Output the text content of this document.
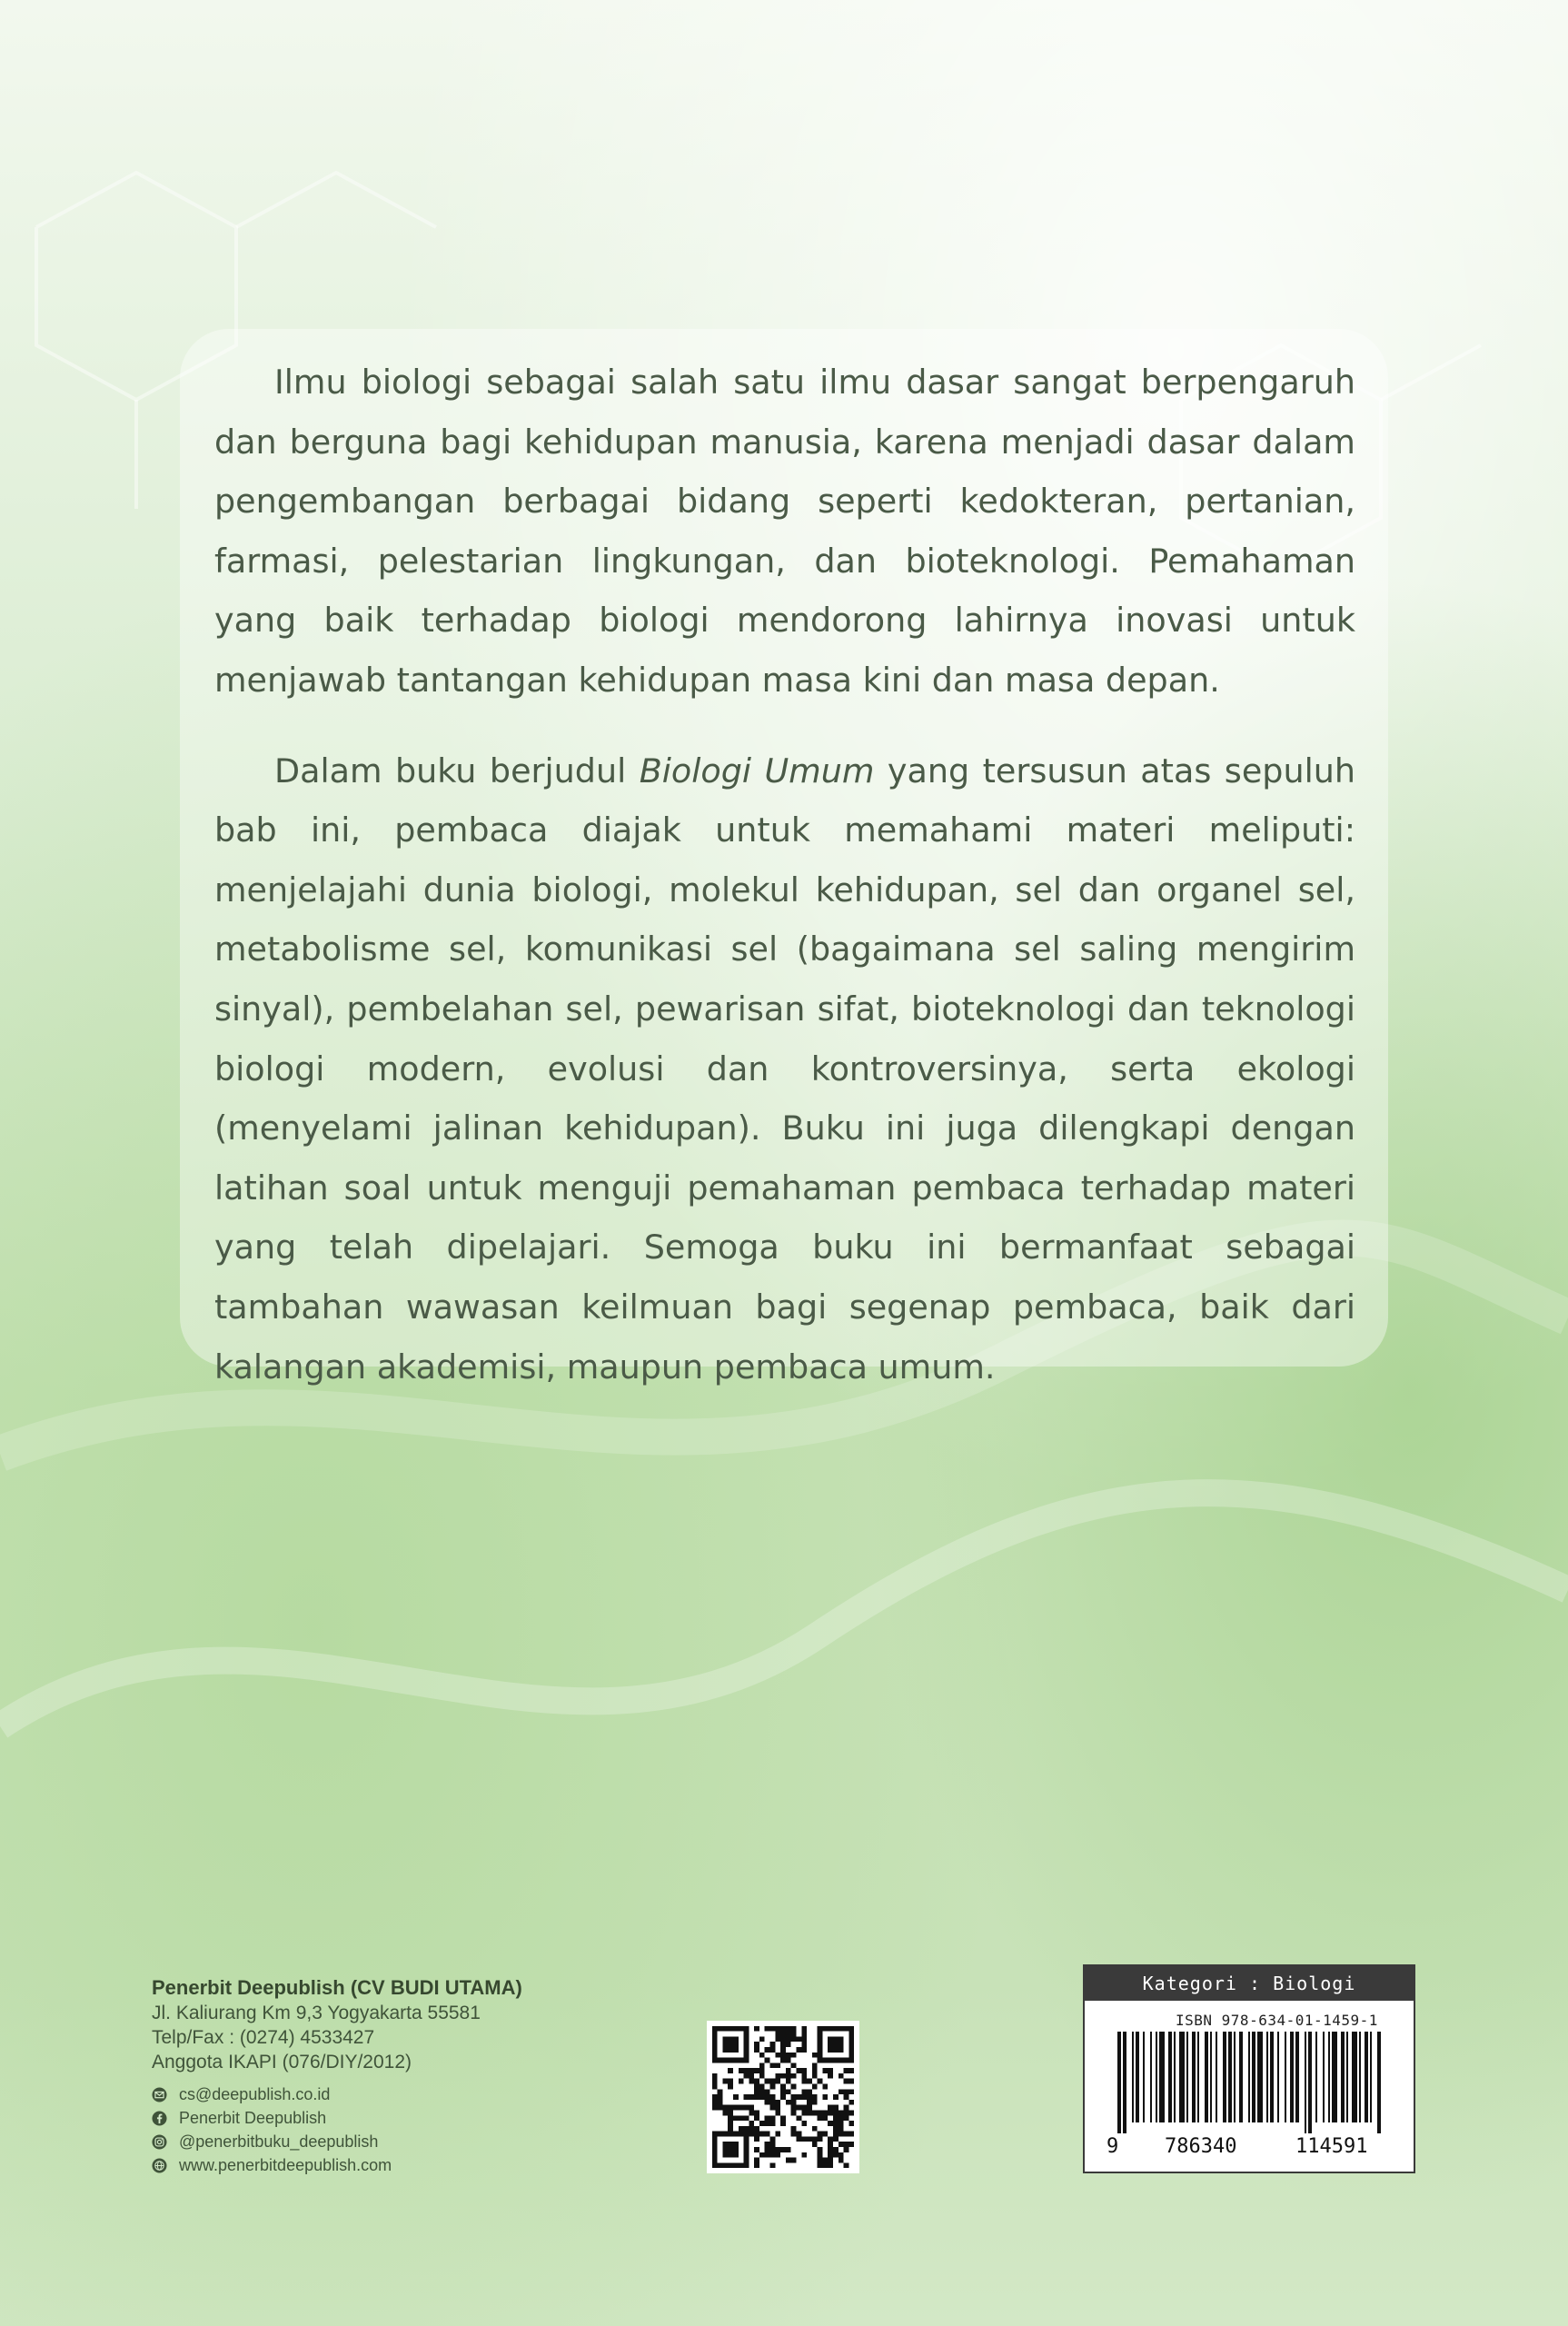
Ilmu biologi sebagai salah satu ilmu dasar sangat berpengaruh dan berguna bagi kehidupan manusia, karena menjadi dasar dalam pengembangan berbagai bidang seperti kedokteran, pertanian, farmasi, pelestarian lingkungan, dan bioteknologi. Pemahaman yang baik terhadap biologi mendorong lahirnya inovasi untuk menjawab tantangan kehidupan masa kini dan masa depan.

Dalam buku berjudul Biologi Umum yang tersusun atas sepuluh bab ini, pembaca diajak untuk memahami materi meliputi: menjelajahi dunia biologi, molekul kehidupan, sel dan organel sel, metabolisme sel, komunikasi sel (bagaimana sel saling mengirim sinyal), pembelahan sel, pewarisan sifat, bioteknologi dan teknologi biologi modern, evolusi dan kontroversinya, serta ekologi (menyelami jalinan kehidupan). Buku ini juga dilengkapi dengan latihan soal untuk menguji pemahaman pembaca terhadap materi yang telah dipelajari. Semoga buku ini bermanfaat sebagai tambahan wawasan keilmuan bagi segenap pembaca, baik dari kalangan akademisi, maupun pembaca umum.

Penerbit Deepublish (CV BUDI UTAMA)
Jl. Kaliurang Km 9,3 Yogyakarta 55581
Telp/Fax : (0274) 4533427
Anggota IKAPI (076/DIY/2012)
cs@deepublish.co.id
Penerbit Deepublish
@penerbitbuku_deepublish
www.penerbitdeepublish.com
Kategori : Biologi
ISBN 978-634-01-1459-1
9 786340	114591
